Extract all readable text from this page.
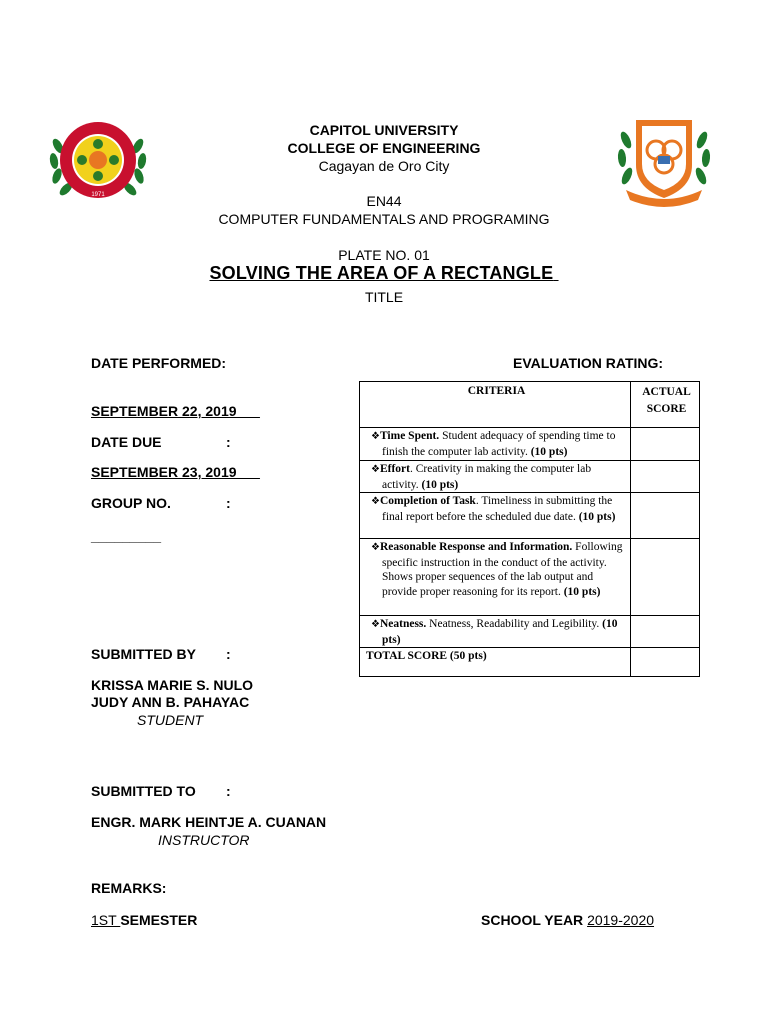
1971
CAPITOL UNIVERSITY
COLLEGE OF ENGINEERING
Cagayan de Oro City
EN44
COMPUTER FUNDAMENTALS AND PROGRAMING
PLATE NO. 01
SOLVING THE AREA OF A RECTANGLE
TITLE
DATE PERFORMED:
SEPTEMBER 22, 2019___
DATE DUE	:
SEPTEMBER 23, 2019___
GROUP NO.	:
_________
SUBMITTED BY :
KRISSA MARIE S. NULO
JUDY ANN B. PAHAYAC
STUDENT
SUBMITTED TO :
ENGR. MARK HEINTJE A. CUANAN
INSTRUCTOR
REMARKS:
1ST SEMESTER	SCHOOL YEAR 2019-2020
EVALUATION RATING:
CRITERIA	ACTUAL SCORE
❖Time Spent. Student adequacy of spending time to finish the computer lab activity. (10 pts)	
❖Effort. Creativity in making the computer lab activity. (10 pts)	
❖Completion of Task. Timeliness in submitting the final report before the scheduled due date. (10 pts)	
❖Reasonable Response and Information. Following specific instruction in the conduct of the activity. Shows proper sequences of the lab output and provide proper reasoning for its report. (10 pts)	
❖Neatness. Neatness, Readability and Legibility. (10 pts)	
TOTAL SCORE (50 pts)	
